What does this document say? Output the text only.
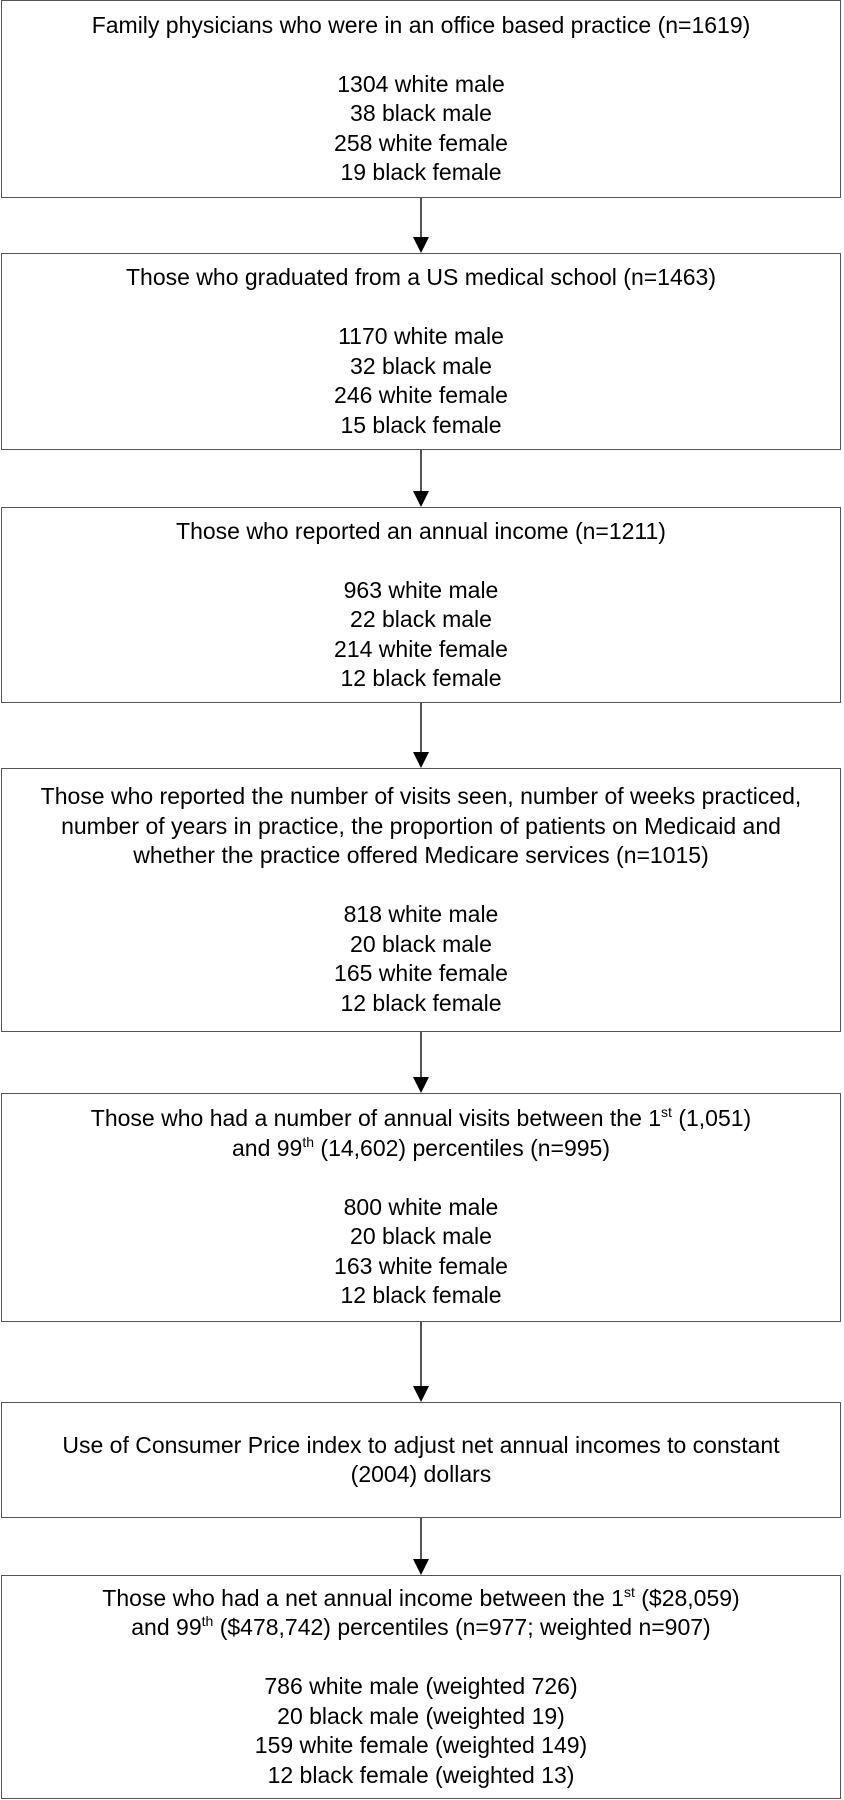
Family physicians who were in an office based practice (n=1619)
1304 white male
38 black male
258 white female
19 black female
Those who graduated from a US medical school (n=1463)
1170 white male
32 black male
246 white female
15 black female
Those who reported an annual income (n=1211)
963 white male
22 black male
214 white female
12 black female
Those who reported the number of visits seen, number of weeks practiced,
number of years in practice, the proportion of patients on Medicaid and
whether the practice offered Medicare services (n=1015)
818 white male
20 black male
165 white female
12 black female
Those who had a number of annual visits between the 1st (1,051)
and 99th (14,602) percentiles (n=995)
800 white male
20 black male
163 white female
12 black female
Use of Consumer Price index to adjust net annual incomes to constant
(2004) dollars
Those who had a net annual income between the 1st ($28,059)
and 99th ($478,742) percentiles (n=977; weighted n=907)
786 white male (weighted 726)
20 black male (weighted 19)
159 white female (weighted 149)
12 black female (weighted 13)
